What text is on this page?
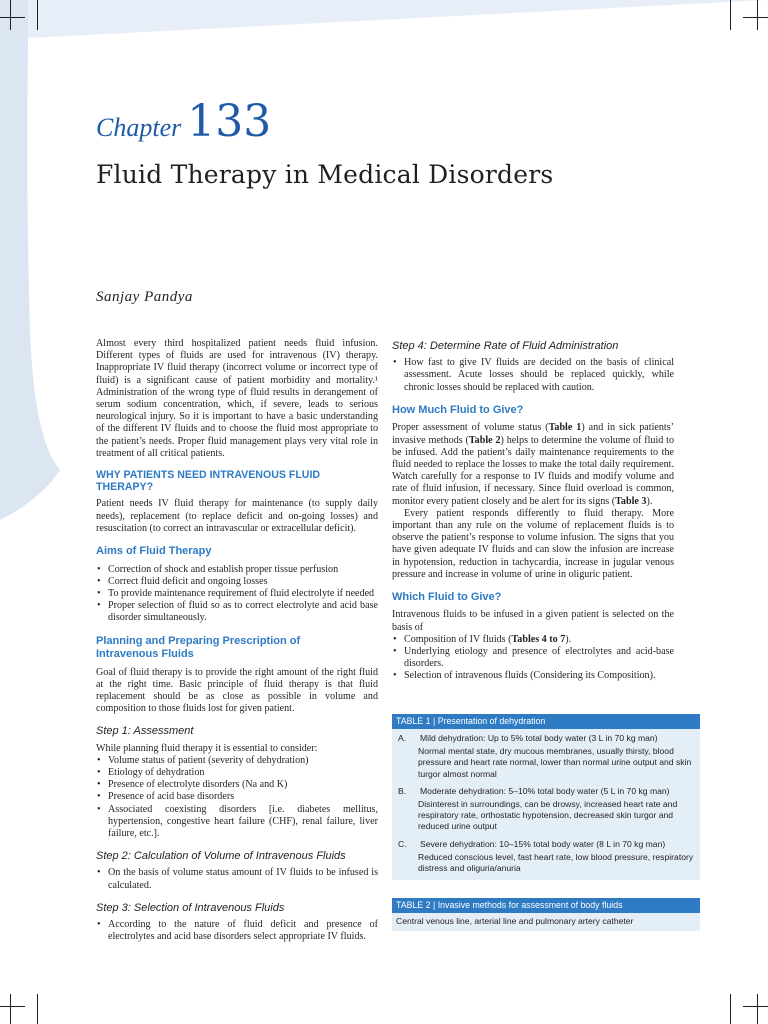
Chapter 133
Fluid Therapy in Medical Disorders
Sanjay Pandya

Almost every third hospitalized patient needs fluid infusion. Different types of fluids are used for intravenous (IV) therapy. Inappropriate IV fluid therapy (incorrect volume or incorrect type of fluid) is a significant cause of patient morbidity and mortality.¹ Administration of the wrong type of fluid results in derangement of serum sodium concentration, which, if severe, leads to serious neurological injury. So it is important to have a basic understanding of the different IV fluids and to choose the fluid most appropriate to the patient’s needs. Proper fluid management plays very vital role in treatment of all critical patients.

WHY PATIENTS NEED INTRAVENOUS FLUID THERAPY?

Patient needs IV fluid therapy for maintenance (to supply daily needs), replacement (to replace deficit and on-going losses) and resuscitation (to correct an intravascular or extracellular deficit).

Aims of Fluid Therapy
• Correction of shock and establish proper tissue perfusion
• Correct fluid deficit and ongoing losses
• To provide maintenance requirement of fluid electrolyte if needed
• Proper selection of fluid so as to correct electrolyte and acid base disorder simultaneously.
Planning and Preparing Prescription of
Intravenous Fluids

Goal of fluid therapy is to provide the right amount of the right fluid at the right time. Basic principle of fluid therapy is that fluid replacement should be as close as possible in volume and composition to those fluids lost for given patient.

Step 1: Assessment

While planning fluid therapy it is essential to consider:

• Volume status of patient (severity of dehydration)
• Etiology of dehydration
• Presence of electrolyte disorders (Na and K)
• Presence of acid base disorders
• Associated coexisting disorders [i.e. diabetes mellitus, hypertension, congestive heart failure (CHF), renal failure, liver failure, etc.].
Step 2: Calculation of Volume of Intravenous Fluids
• On the basis of volume status amount of IV fluids to be infused is calculated.
Step 3: Selection of Intravenous Fluids
• According to the nature of fluid deficit and presence of electrolytes and acid base disorders select appropriate IV fluids.
Step 4: Determine Rate of Fluid Administration
• How fast to give IV fluids are decided on the basis of clinical assessment. Acute losses should be replaced quickly, while chronic losses should be replaced with caution.
How Much Fluid to Give?

Proper assessment of volume status (Table 1) and in sick patients’ invasive methods (Table 2) helps to determine the volume of fluid to be infused. Add the patient’s daily maintenance requirements to the fluid needed to replace the losses to make the total daily requirement. Watch carefully for a response to IV fluids and modify volume and rate of fluid infusion, if necessary. Since fluid overload is common, monitor every patient closely and be alert for its signs (Table 3).

Every patient responds differently to fluid therapy. More important than any rule on the volume of replacement fluids is to observe the patient’s response to volume infusion. The signs that you have given adequate IV fluids and can slow the infusion are increase in hypotension, reduction in tachycardia, increase in jugular venous pressure and increase in volume of urine in oliguric patient.

Which Fluid to Give?

Intravenous fluids to be infused in a given patient is selected on the basis of

• Composition of IV fluids (Tables 4 to 7).
• Underlying etiology and presence of electrolytes and acid-base disorders.
• Selection of intravenous fluids (Considering its Composition).
TABLE 1 | Presentation of dehydration
A.	Mild dehydration: Up to 5% total body water (3 L in 70 kg man)
Normal mental state, dry mucous membranes, usually thirsty, blood pressure and heart rate normal, lower than normal urine output and skin turgor almost normal
B.	Moderate dehydration: 5–10% total body water (5 L in 70 kg man)
Disinterest in surroundings, can be drowsy, increased heart rate and respiratory rate, orthostatic hypotension, decreased skin turgor and reduced urine output
C.	Severe dehydration: 10–15% total body water (8 L in 70 kg man)
Reduced conscious level, fast heart rate, low blood pressure, respiratory distress and oliguria/anuria
TABLE 2 | Invasive methods for assessment of body fluids
Central venous line, arterial line and pulmonary artery catheter
